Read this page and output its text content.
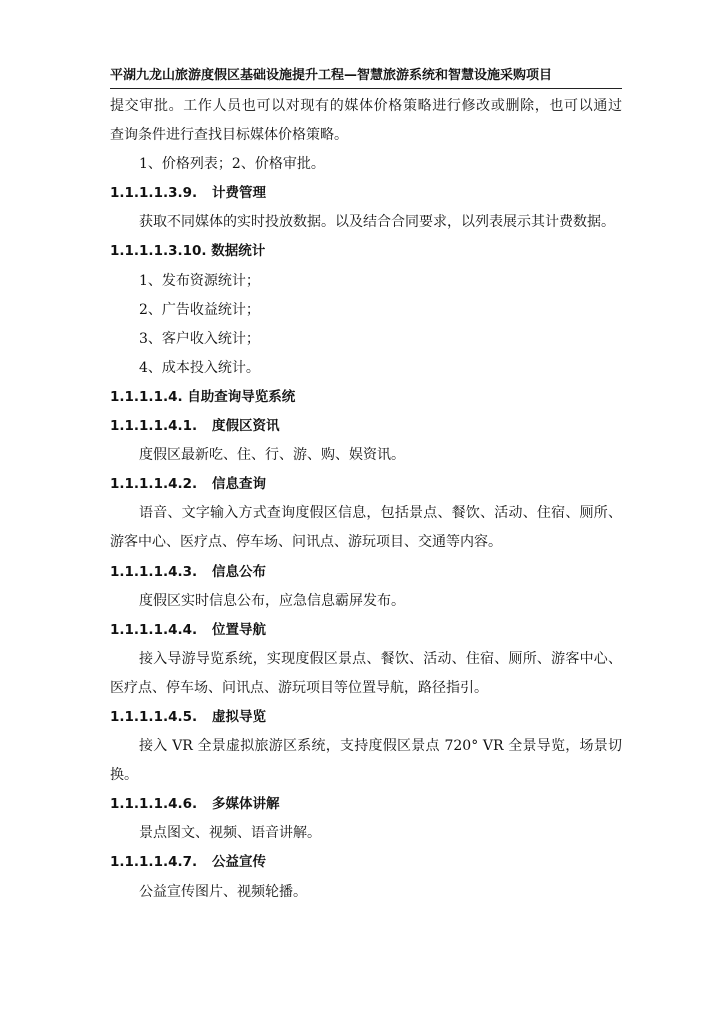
平湖九龙山旅游度假区基础设施提升工程—智慧旅游系统和智慧设施采购项目
提交审批。工作人员也可以对现有的媒体价格策略进行修改或删除，也可以通过
查询条件进行查找目标媒体价格策略。
1、价格列表；2、价格审批。
1.1.1.1.3.9. 计费管理
获取不同媒体的实时投放数据。以及结合合同要求，以列表展示其计费数据。
1.1.1.1.3.10. 数据统计
1、发布资源统计；
2、广告收益统计；
3、客户收入统计；
4、成本投入统计。
1.1.1.1.4. 自助查询导览系统
1.1.1.1.4.1. 度假区资讯
度假区最新吃、住、行、游、购、娱资讯。
1.1.1.1.4.2. 信息查询
语音、文字输入方式查询度假区信息，包括景点、餐饮、活动、住宿、厕所、
游客中心、医疗点、停车场、问讯点、游玩项目、交通等内容。
1.1.1.1.4.3. 信息公布
度假区实时信息公布，应急信息霸屏发布。
1.1.1.1.4.4. 位置导航
接入导游导览系统，实现度假区景点、餐饮、活动、住宿、厕所、游客中心、
医疗点、停车场、问讯点、游玩项目等位置导航，路径指引。
1.1.1.1.4.5. 虚拟导览
接入 VR 全景虚拟旅游区系统，支持度假区景点 720° VR 全景导览，场景切
换。
1.1.1.1.4.6. 多媒体讲解
景点图文、视频、语音讲解。
1.1.1.1.4.7. 公益宣传
公益宣传图片、视频轮播。
